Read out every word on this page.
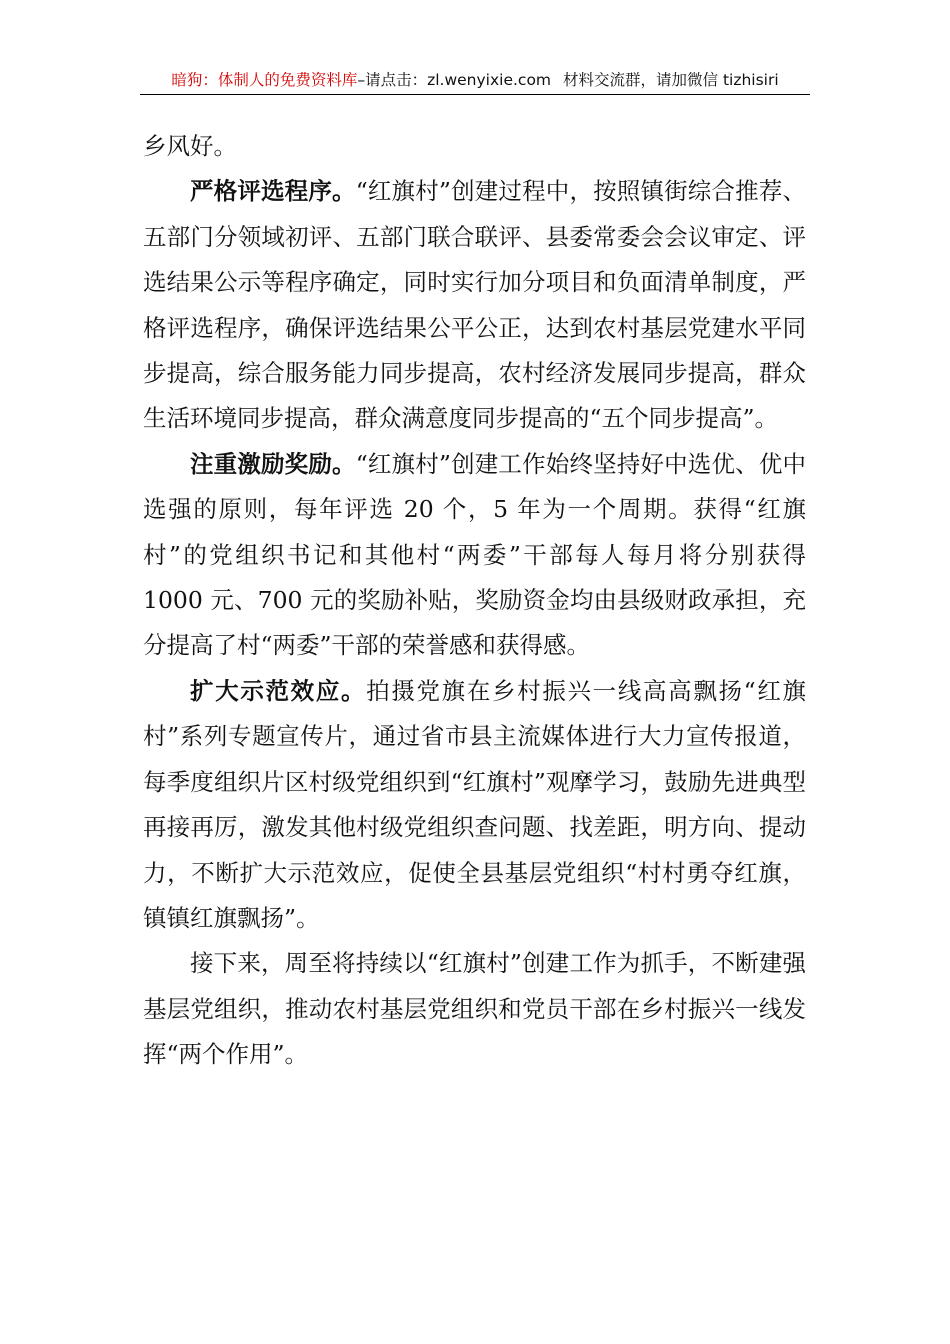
暗狗：体制人的免费资料库–请点击：zl.wenyixie.com 材料交流群，请加微信 tizhisiri

乡风好。

严格评选程序。“红旗村”创建过程中，按照镇街综合推荐、五部门分领域初评、五部门联合联评、县委常委会会议审定、评选结果公示等程序确定，同时实行加分项目和负面清单制度，严格评选程序，确保评选结果公平公正，达到农村基层党建水平同步提高，综合服务能力同步提高，农村经济发展同步提高，群众生活环境同步提高，群众满意度同步提高的“五个同步提高”。

注重激励奖励。“红旗村”创建工作始终坚持好中选优、优中选强的原则，每年评选 20 个，5 年为一个周期。获得“红旗村”的党组织书记和其他村“两委”干部每人每月将分别获得 1000 元、700 元的奖励补贴，奖励资金均由县级财政承担，充分提高了村“两委”干部的荣誉感和获得感。

扩大示范效应。拍摄党旗在乡村振兴一线高高飘扬“红旗村”系列专题宣传片，通过省市县主流媒体进行大力宣传报道，每季度组织片区村级党组织到“红旗村”观摩学习，鼓励先进典型再接再厉，激发其他村级党组织查问题、找差距，明方向、提动力，不断扩大示范效应，促使全县基层党组织“村村勇夺红旗，镇镇红旗飘扬”。

接下来，周至将持续以“红旗村”创建工作为抓手，不断建强基层党组织，推动农村基层党组织和党员干部在乡村振兴一线发挥“两个作用”。
